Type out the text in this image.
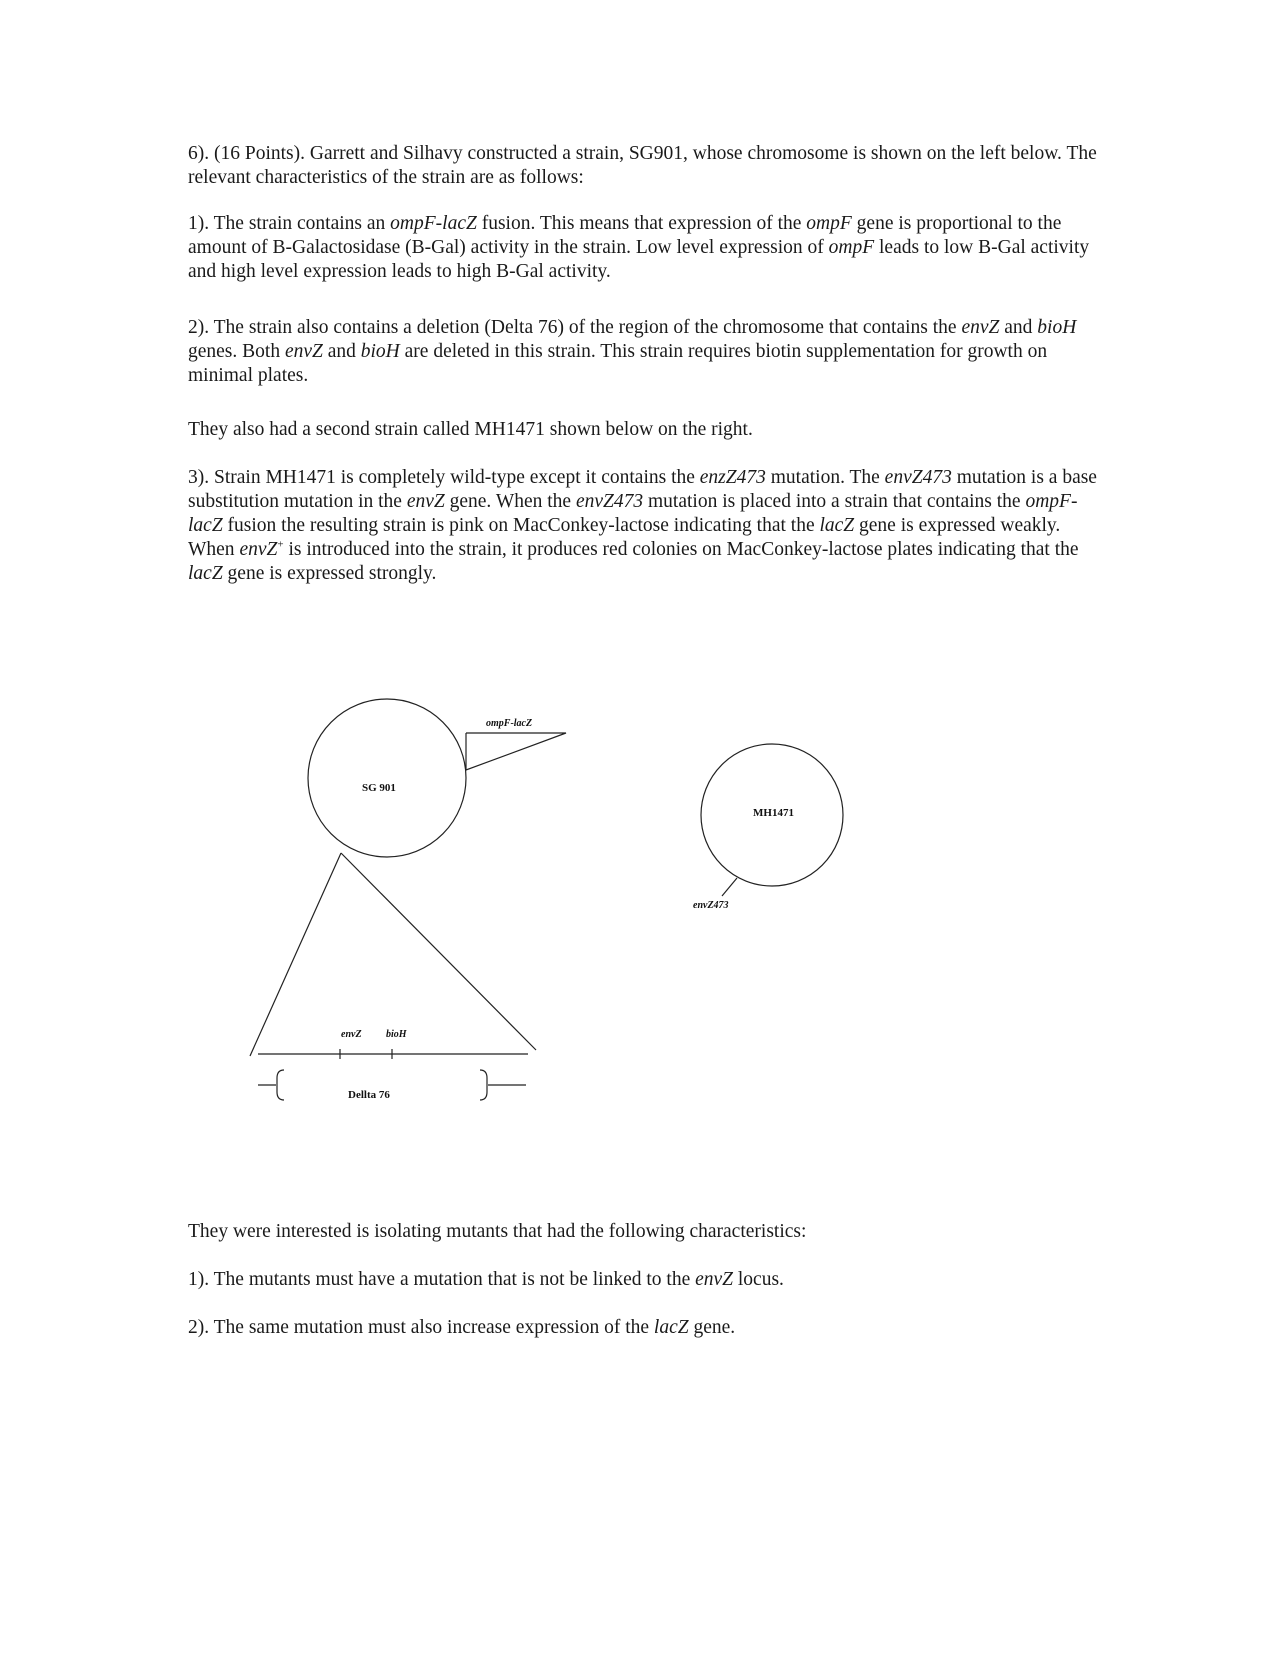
6). (16 Points). Garrett and Silhavy constructed a strain, SG901, whose chromosome is shown on the left below. The relevant characteristics of the strain are as follows:

1). The strain contains an ompF-lacZ fusion. This means that expression of the ompF gene is proportional to the amount of B-Galactosidase (B-Gal) activity in the strain. Low level expression of ompF leads to low B-Gal activity and high level expression leads to high B-Gal activity.

2). The strain also contains a deletion (Delta 76) of the region of the chromosome that contains the envZ and bioH genes. Both envZ and bioH are deleted in this strain. This strain requires biotin supplementation for growth on minimal plates.

They also had a second strain called MH1471 shown below on the right.

3). Strain MH1471 is completely wild-type except it contains the enzZ473 mutation. The envZ473 mutation is a base substitution mutation in the envZ gene. When the envZ473 mutation is placed into a strain that contains the ompF-lacZ fusion the resulting strain is pink on MacConkey-lactose indicating that the lacZ gene is expressed weakly. When envZ+ is introduced into the strain, it produces red colonies on MacConkey-lactose plates indicating that the lacZ gene is expressed strongly.

SG 901
ompF-lacZ
envZ bioH
Dellta 76
MH1471
envZ473

They were interested is isolating mutants that had the following characteristics:

1). The mutants must have a mutation that is not be linked to the envZ locus.

2). The same mutation must also increase expression of the lacZ gene.
